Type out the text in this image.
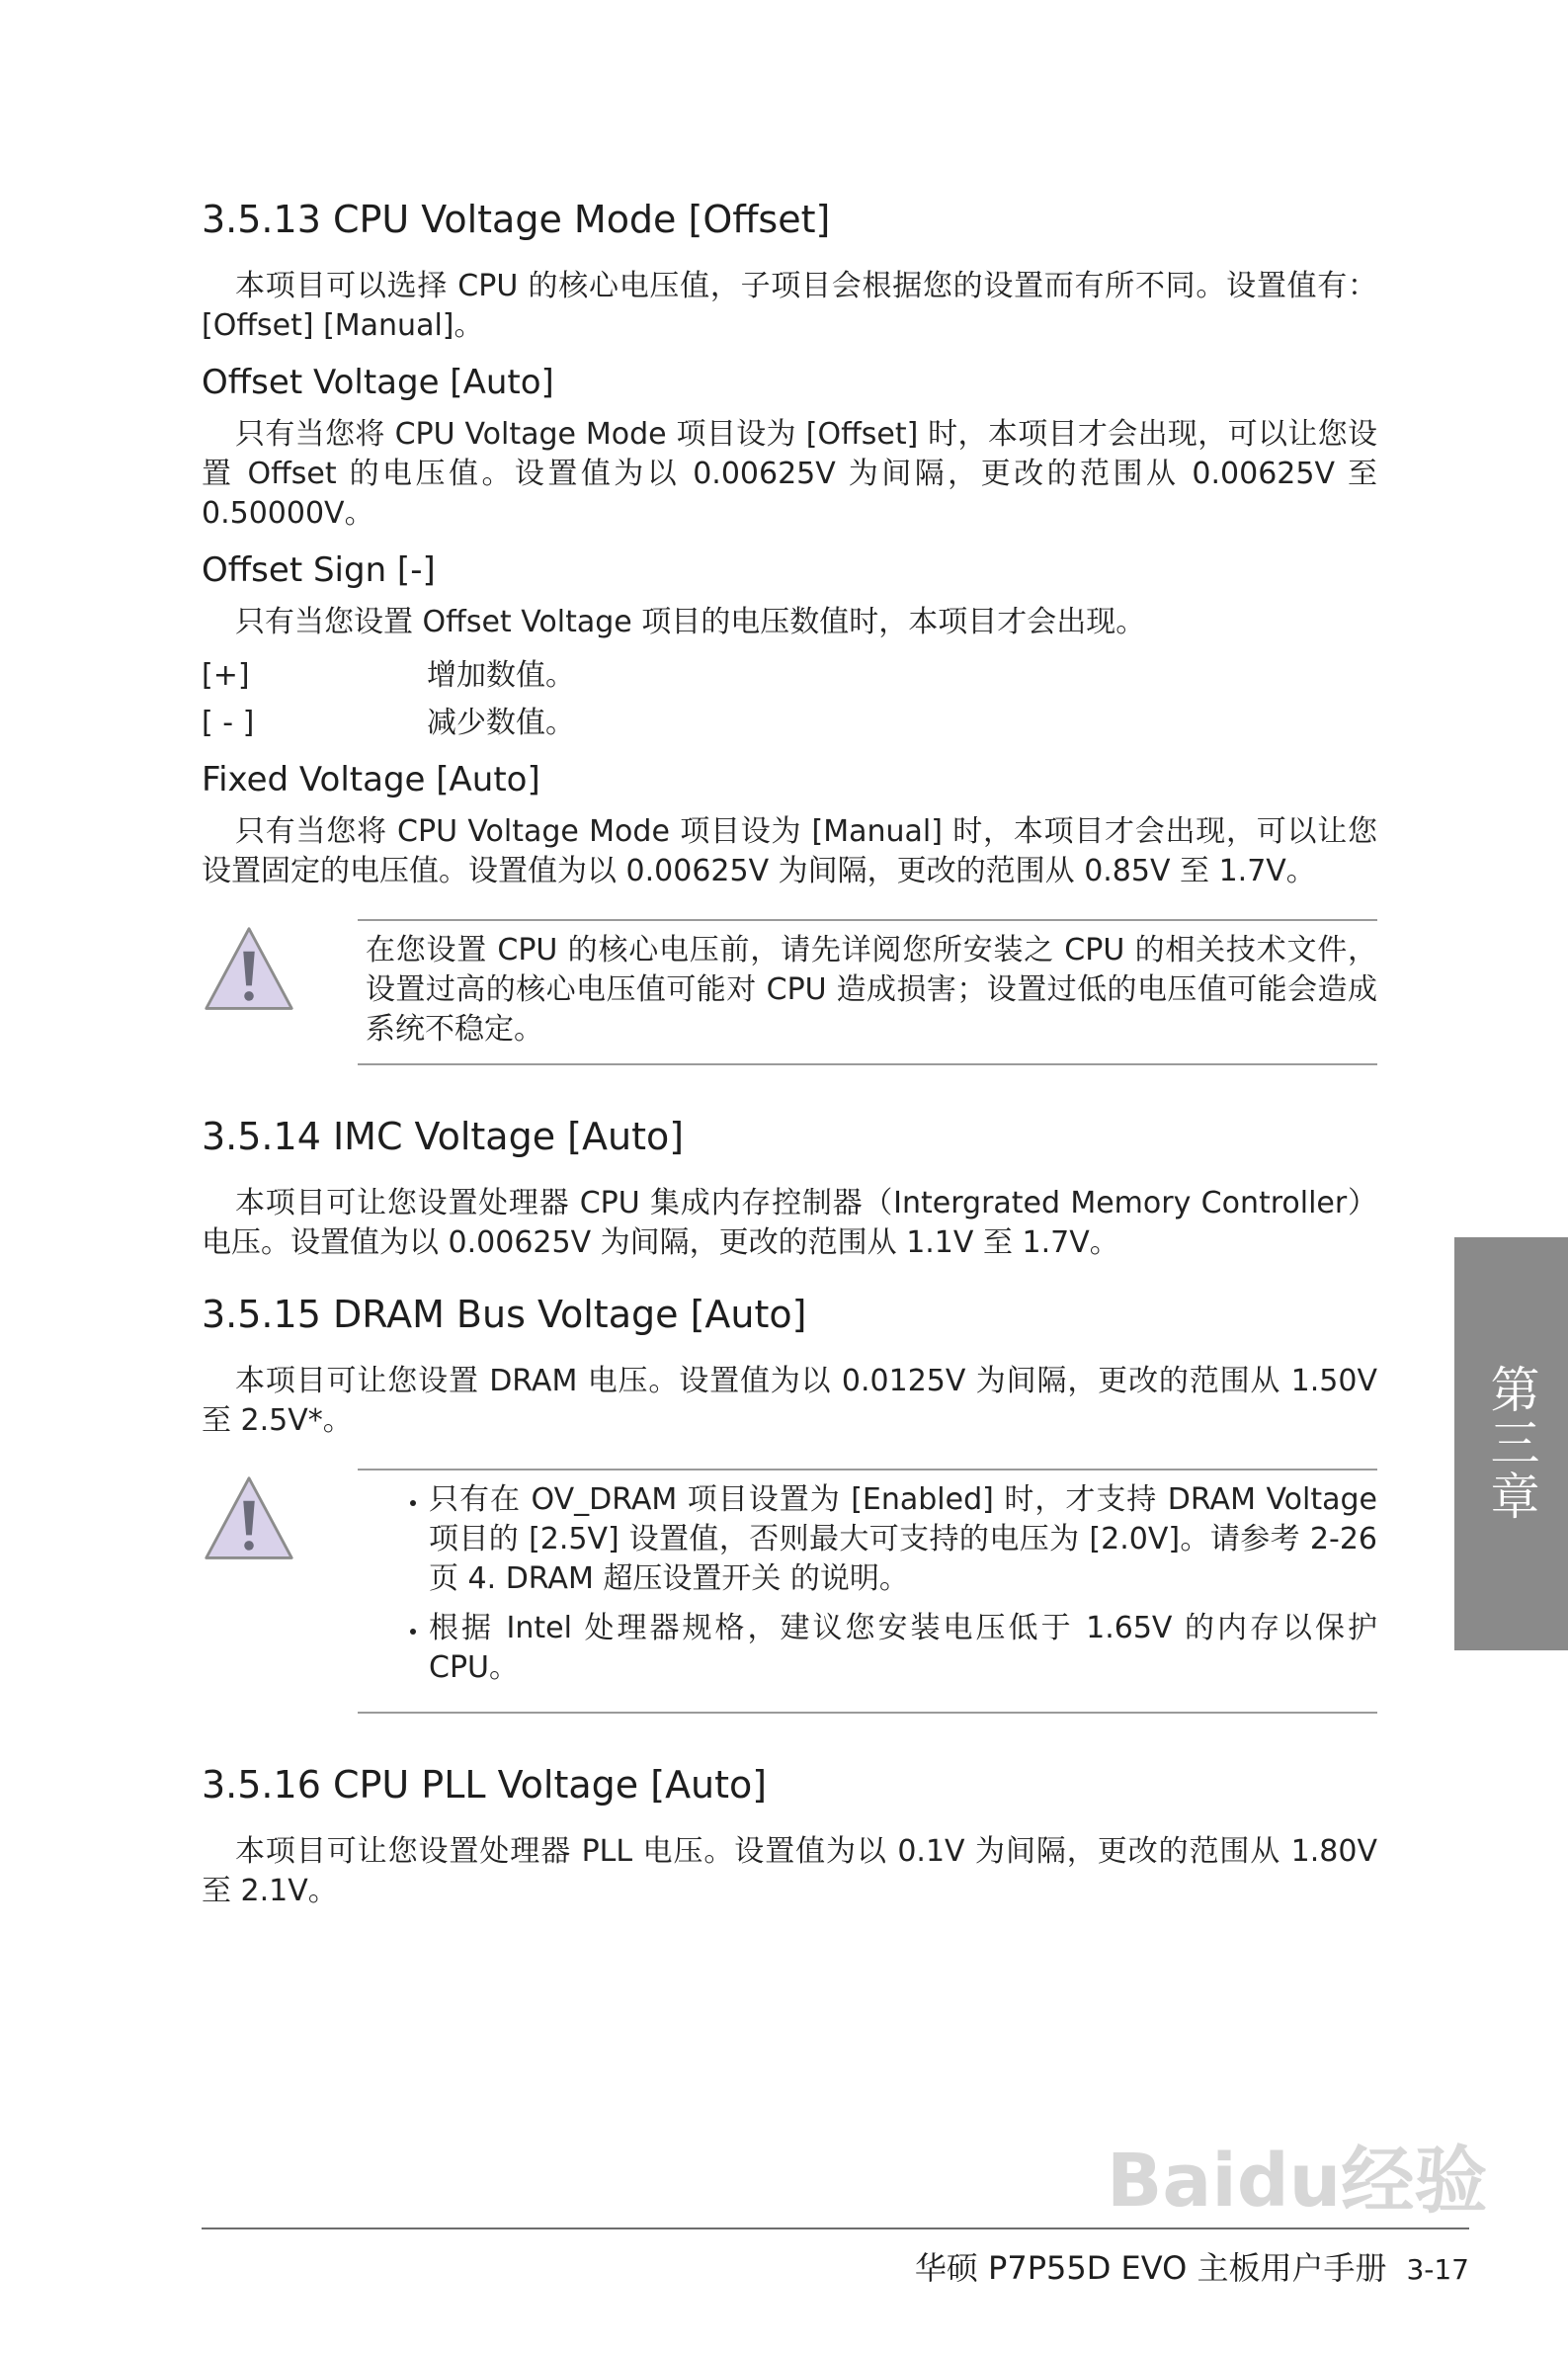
3.5.13 CPU Voltage Mode [Offset]

本项目可以选择 CPU 的核心电压值，子项目会根据您的设置而有所不同。设置值有：[Offset] [Manual]。

Offset Voltage [Auto]

只有当您将 CPU Voltage Mode 项目设为 [Offset] 时，本项目才会出现，可以让您设置 Offset 的电压值。设置值为以 0.00625V 为间隔，更改的范围从 0.00625V 至 0.50000V。

Offset Sign [-]

只有当您设置 Offset Voltage 项目的电压数值时，本项目才会出现。

[+]	增加数值。
[ - ]	减少数值。
Fixed Voltage [Auto]

只有当您将 CPU Voltage Mode 项目设为 [Manual] 时，本项目才会出现，可以让您设置固定的电压值。设置值为以 0.00625V 为间隔，更改的范围从 0.85V 至 1.7V。

在您设置 CPU 的核心电压前，请先详阅您所安装之 CPU 的相关技术文件，设置过高的核心电压值可能对 CPU 造成损害；设置过低的电压值可能会造成系统不稳定。
3.5.14 IMC Voltage [Auto]

本项目可让您设置处理器 CPU 集成内存控制器（Intergrated Memory Controller）电压。设置值为以 0.00625V 为间隔，更改的范围从 1.1V 至 1.7V。

3.5.15 DRAM Bus Voltage [Auto]

本项目可让您设置 DRAM 电压。设置值为以 0.0125V 为间隔，更改的范围从 1.50V 至 2.5V*。

• 只有在 OV_DRAM 项目设置为 [Enabled] 时，才支持 DRAM Voltage 项目的 [2.5V] 设置值，否则最大可支持的电压为 [2.0V]。请参考 2-26 页 4. DRAM 超压设置开关 的说明。
• 根据 Intel 处理器规格，建议您安装电压低于 1.65V 的内存以保护 CPU。
3.5.16 CPU PLL Voltage [Auto]

本项目可让您设置处理器 PLL 电压。设置值为以 0.1V 为间隔，更改的范围从 1.80V 至 2.1V。

第三章
Baidu经验
华硕 P7P55D EVO 主板用户手册 3-17
